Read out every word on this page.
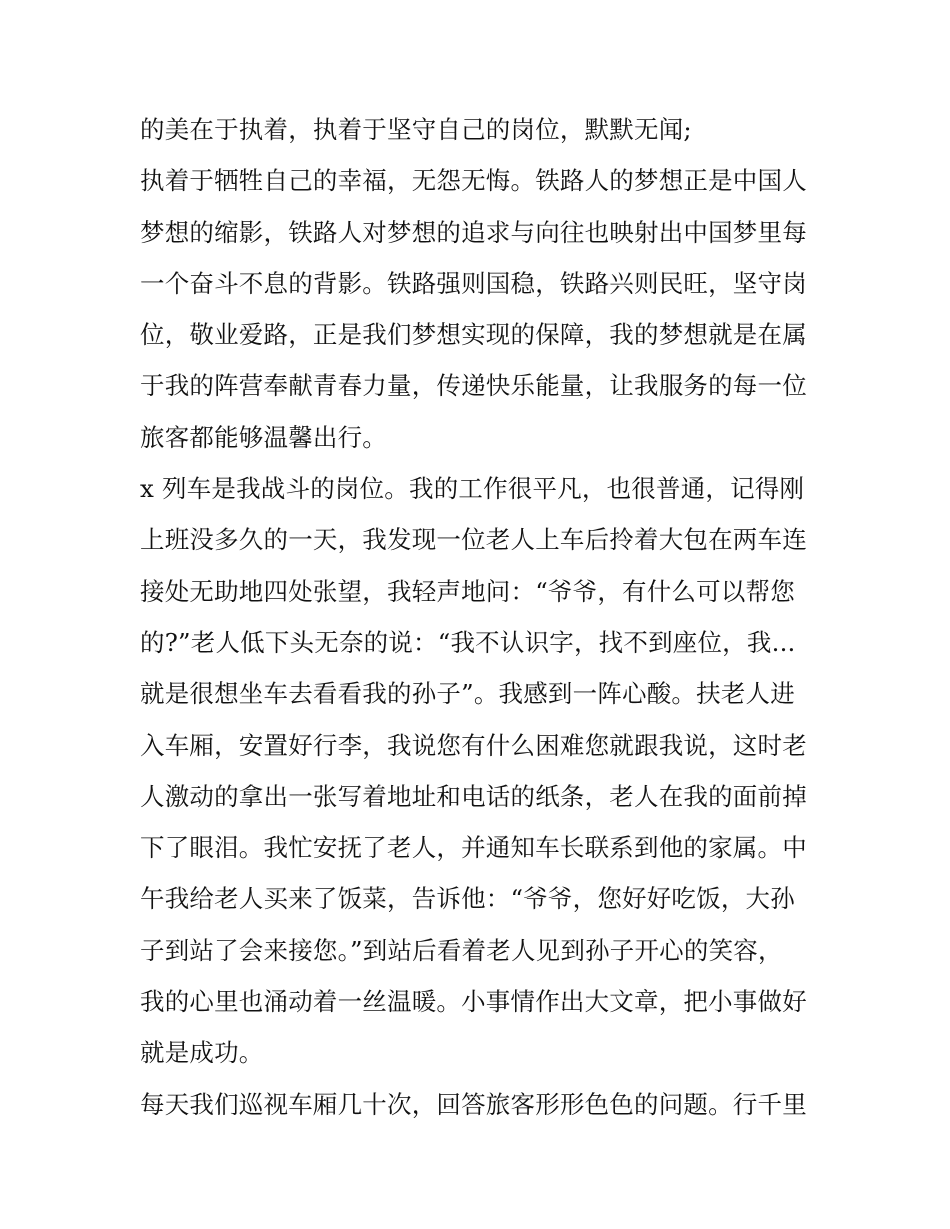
的美在于执着，执着于坚守自己的岗位，默默无闻;
执着于牺牲自己的幸福，无怨无悔。铁路人的梦想正是中国人
梦想的缩影，铁路人对梦想的追求与向往也映射出中国梦里每
一个奋斗不息的背影。铁路强则国稳，铁路兴则民旺，坚守岗
位，敬业爱路，正是我们梦想实现的保障，我的梦想就是在属
于我的阵营奉献青春力量，传递快乐能量，让我服务的每一位
旅客都能够温馨出行。
x 列车是我战斗的岗位。我的工作很平凡，也很普通，记得刚
上班没多久的一天，我发现一位老人上车后拎着大包在两车连
接处无助地四处张望，我轻声地问：“爷爷，有什么可以帮您
的?”老人低下头无奈的说：“我不认识字，找不到座位，我...
就是很想坐车去看看我的孙子”。我感到一阵心酸。扶老人进
入车厢，安置好行李，我说您有什么困难您就跟我说，这时老
人激动的拿出一张写着地址和电话的纸条，老人在我的面前掉
下了眼泪。我忙安抚了老人，并通知车长联系到他的家属。中
午我给老人买来了饭菜，告诉他：“爷爷，您好好吃饭，大孙
子到站了会来接您。”到站后看着老人见到孙子开心的笑容，
我的心里也涌动着一丝温暖。小事情作出大文章，把小事做好
就是成功。
每天我们巡视车厢几十次，回答旅客形形色色的问题。行千里
